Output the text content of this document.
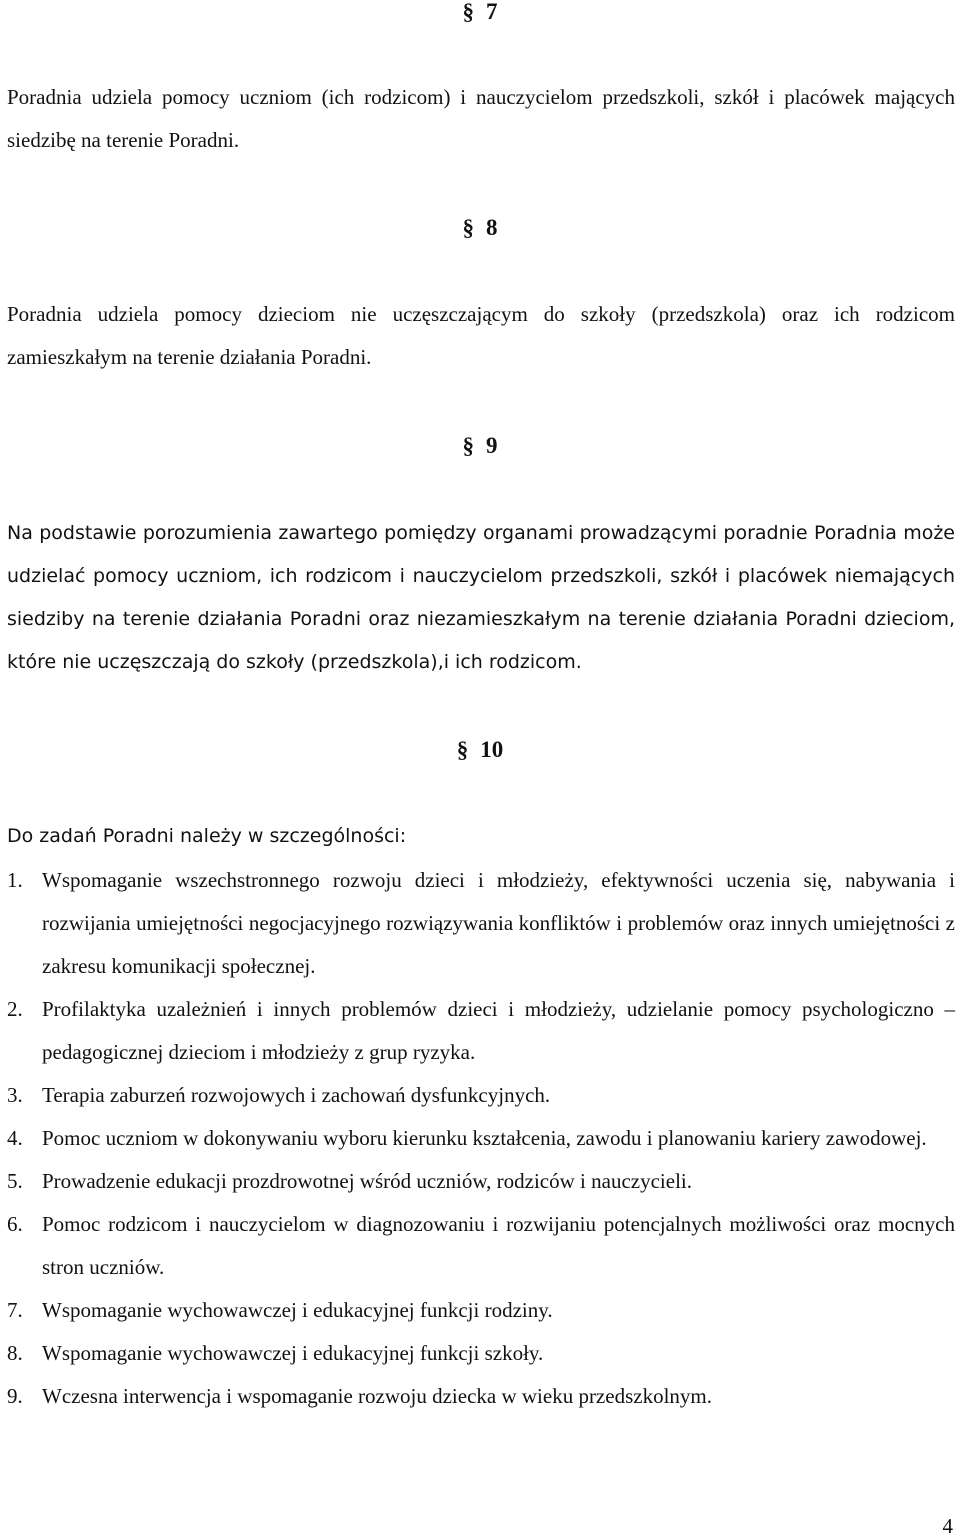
§ 7
Poradnia udziela pomocy uczniom (ich rodzicom) i nauczycielom przedszkoli, szkół i placówek mających siedzibę na terenie Poradni.
§ 8
Poradnia udziela pomocy dzieciom nie uczęszczającym do szkoły (przedszkola) oraz ich rodzicom zamieszkałym na terenie działania Poradni.
§ 9
Na podstawie porozumienia zawartego pomiędzy organami prowadzącymi poradnie Poradnia może udzielać pomocy uczniom, ich rodzicom i nauczycielom przedszkoli, szkół i placówek niemających siedziby na terenie działania Poradni oraz niezamieszkałym na terenie działania Poradni dzieciom, które nie uczęszczają do szkoły (przedszkola),i ich rodzicom.
§ 10
Do zadań Poradni należy w szczególności:
1. Wspomaganie wszechstronnego rozwoju dzieci i młodzieży, efektywności uczenia się, nabywania i rozwijania umiejętności negocjacyjnego rozwiązywania konfliktów i problemów oraz innych umiejętności z zakresu komunikacji społecznej.
2. Profilaktyka uzależnień i innych problemów dzieci i młodzieży, udzielanie pomocy psychologiczno – pedagogicznej dzieciom i młodzieży z grup ryzyka.
3. Terapia zaburzeń rozwojowych i zachowań dysfunkcyjnych.
4. Pomoc uczniom w dokonywaniu wyboru kierunku kształcenia, zawodu i planowaniu kariery zawodowej.
5. Prowadzenie edukacji prozdrowotnej wśród uczniów, rodziców i nauczycieli.
6. Pomoc rodzicom i nauczycielom w diagnozowaniu i rozwijaniu potencjalnych możliwości oraz mocnych stron uczniów.
7. Wspomaganie wychowawczej i edukacyjnej funkcji rodziny.
8. Wspomaganie wychowawczej i edukacyjnej funkcji szkoły.
9. Wczesna interwencja i wspomaganie rozwoju dziecka w wieku przedszkolnym.
4
